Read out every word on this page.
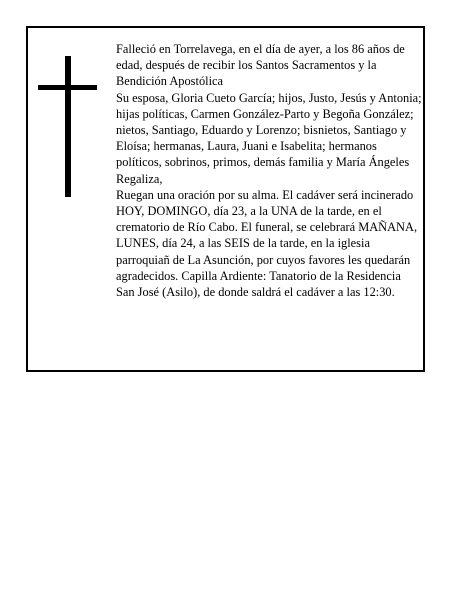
Falleció en Torrelavega, en el día de ayer, a los 86 años de edad, después de recibir los Santos Sacramentos y la Bendición Apostólica

Su esposa, Gloria Cueto García; hijos, Justo, Jesús y Antonia; hijas políticas, Carmen González-Parto y Begoña González; nietos, Santiago, Eduardo y Lorenzo; bisnietos, Santiago y Eloísa; hermanas, Laura, Juani e Isabelita; hermanos políticos, sobrinos, primos, demás familia y María Ángeles Regaliza,

Ruegan una oración por su alma. El cadáver será incinerado HOY, DOMINGO, día 23, a la UNA de la tarde, en el crematorio de Río Cabo. El funeral, se celebrará MAÑANA, LUNES, día 24, a las SEIS de la tarde, en la iglesia parroquiañ de La Asunción, por cuyos favores les quedarán agradecidos. Capilla Ardiente: Tanatorio de la Residencia San José (Asilo), de donde saldrá el cadáver a las 12:30.
